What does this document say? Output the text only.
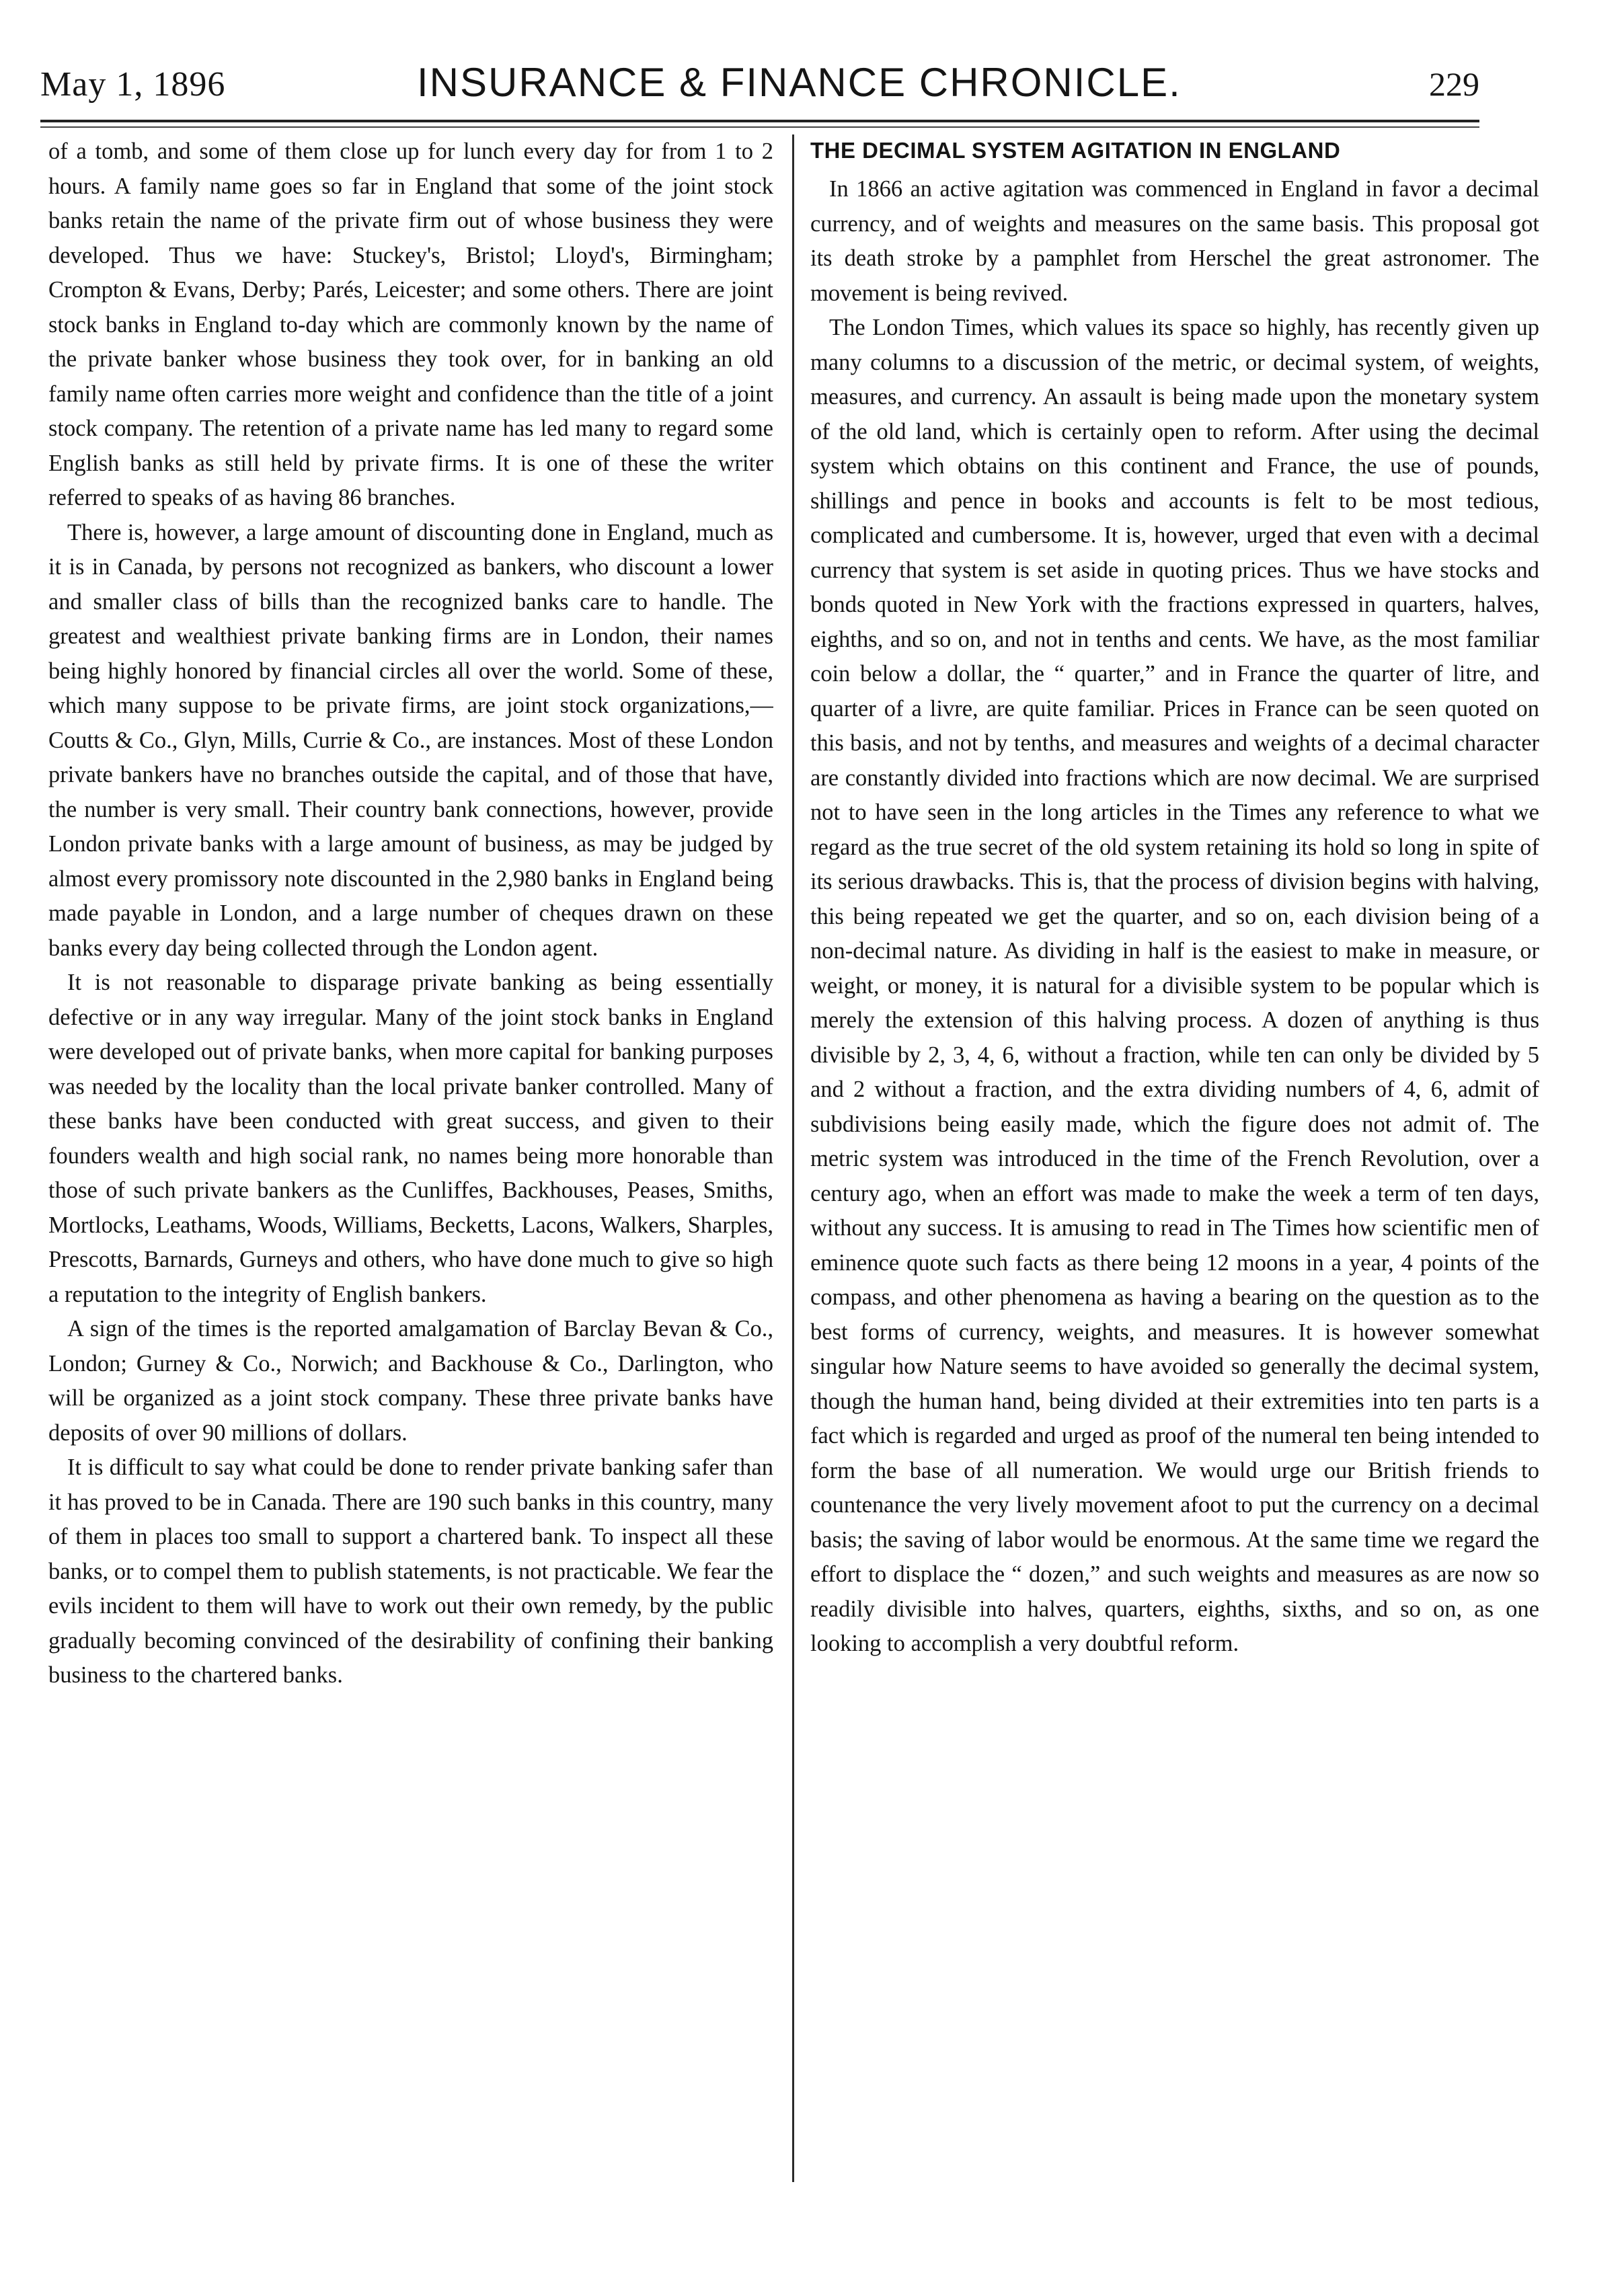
May 1, 1896	INSURANCE & FINANCE CHRONICLE.	229

of a tomb, and some of them close up for lunch every day for from 1 to 2 hours. A family name goes so far in England that some of the joint stock banks retain the name of the private firm out of whose business they were developed. Thus we have: Stuckey's, Bristol; Lloyd's, Birmingham; Crompton & Evans, Derby; Parés, Leicester; and some others. There are joint stock banks in England to-day which are commonly known by the name of the private banker whose business they took over, for in banking an old family name often carries more weight and confidence than the title of a joint stock company. The retention of a private name has led many to regard some English banks as still held by private firms. It is one of these the writer referred to speaks of as having 86 branches.

There is, however, a large amount of discounting done in England, much as it is in Canada, by persons not recognized as bankers, who discount a lower and smaller class of bills than the recognized banks care to handle. The greatest and wealthiest private banking firms are in London, their names being highly honored by financial circles all over the world. Some of these, which many suppose to be private firms, are joint stock organizations,—Coutts & Co., Glyn, Mills, Currie & Co., are instances. Most of these London private bankers have no branches outside the capital, and of those that have, the number is very small. Their country bank connections, however, provide London private banks with a large amount of business, as may be judged by almost every promissory note discounted in the 2,980 banks in England being made payable in London, and a large number of cheques drawn on these banks every day being collected through the London agent.

It is not reasonable to disparage private banking as being essentially defective or in any way irregular. Many of the joint stock banks in England were developed out of private banks, when more capital for banking purposes was needed by the locality than the local private banker controlled. Many of these banks have been conducted with great success, and given to their founders wealth and high social rank, no names being more honorable than those of such private bankers as the Cunliffes, Backhouses, Peases, Smiths, Mortlocks, Leathams, Woods, Williams, Becketts, Lacons, Walkers, Sharples, Prescotts, Barnards, Gurneys and others, who have done much to give so high a reputation to the integrity of English bankers.

A sign of the times is the reported amalgamation of Barclay Bevan & Co., London; Gurney & Co., Norwich; and Backhouse & Co., Darlington, who will be organized as a joint stock company. These three private banks have deposits of over 90 millions of dollars.

It is difficult to say what could be done to render private banking safer than it has proved to be in Canada. There are 190 such banks in this country, many of them in places too small to support a chartered bank. To inspect all these banks, or to compel them to publish statements, is not practicable. We fear the evils incident to them will have to work out their own remedy, by the public gradually becoming convinced of the desirability of confining their banking business to the chartered banks.

THE DECIMAL SYSTEM AGITATION IN ENGLAND

In 1866 an active agitation was commenced in England in favor a decimal currency, and of weights and measures on the same basis. This proposal got its death stroke by a pamphlet from Herschel the great astronomer. The movement is being revived.

The London Times, which values its space so highly, has recently given up many columns to a discussion of the metric, or decimal system, of weights, measures, and currency. An assault is being made upon the monetary system of the old land, which is certainly open to reform. After using the decimal system which obtains on this continent and France, the use of pounds, shillings and pence in books and accounts is felt to be most tedious, complicated and cumbersome. It is, however, urged that even with a decimal currency that system is set aside in quoting prices. Thus we have stocks and bonds quoted in New York with the fractions expressed in quarters, halves, eighths, and so on, and not in tenths and cents. We have, as the most familiar coin below a dollar, the “ quarter,” and in France the quarter of litre, and quarter of a livre, are quite familiar. Prices in France can be seen quoted on this basis, and not by tenths, and measures and weights of a decimal character are constantly divided into fractions which are now decimal. We are surprised not to have seen in the long articles in the Times any reference to what we regard as the true secret of the old system retaining its hold so long in spite of its serious drawbacks. This is, that the process of division begins with halving, this being repeated we get the quarter, and so on, each division being of a non-decimal nature. As dividing in half is the easiest to make in measure, or weight, or money, it is natural for a divisible system to be popular which is merely the extension of this halving process. A dozen of anything is thus divisible by 2, 3, 4, 6, without a fraction, while ten can only be divided by 5 and 2 without a fraction, and the extra dividing numbers of 4, 6, admit of subdivisions being easily made, which the figure does not admit of. The metric system was introduced in the time of the French Revolution, over a century ago, when an effort was made to make the week a term of ten days, without any success. It is amusing to read in The Times how scientific men of eminence quote such facts as there being 12 moons in a year, 4 points of the compass, and other phenomena as having a bearing on the question as to the best forms of currency, weights, and measures. It is however somewhat singular how Nature seems to have avoided so generally the decimal system, though the human hand, being divided at their extremities into ten parts is a fact which is regarded and urged as proof of the numeral ten being intended to form the base of all numeration. We would urge our British friends to countenance the very lively movement afoot to put the currency on a decimal basis; the saving of labor would be enormous. At the same time we regard the effort to displace the “ dozen,” and such weights and measures as are now so readily divisible into halves, quarters, eighths, sixths, and so on, as one looking to accomplish a very doubtful reform.
